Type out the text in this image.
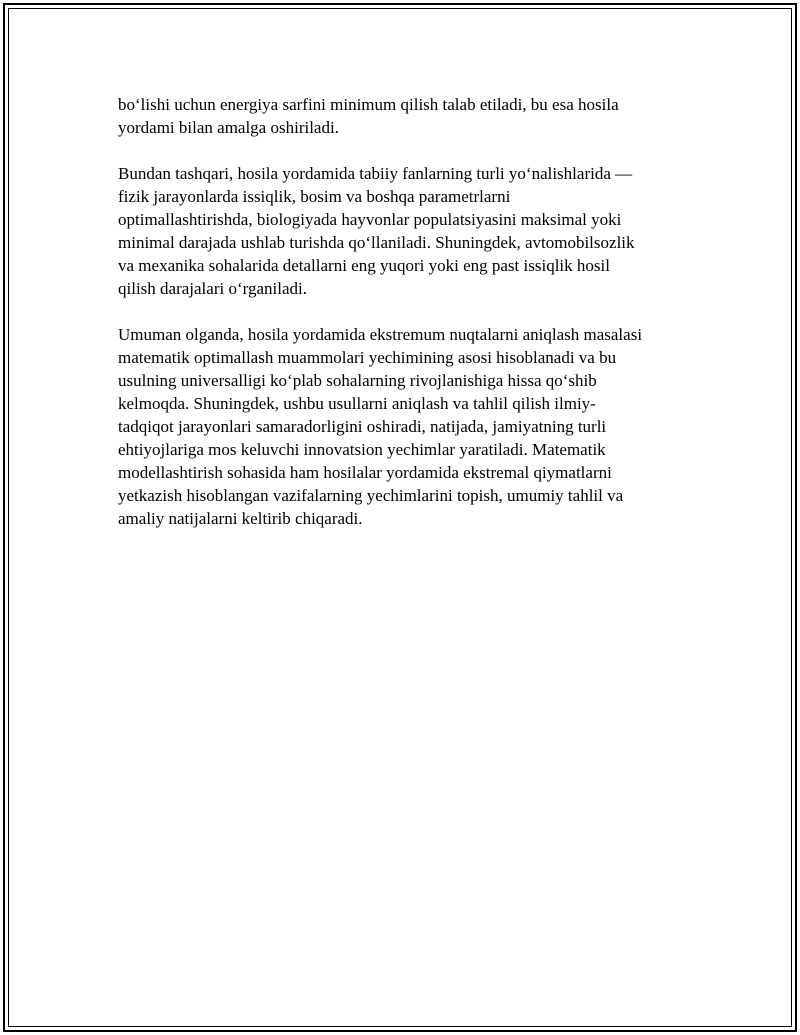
bo‘lishi uchun energiya sarfini minimum qilish talab etiladi, bu esa hosila
yordami bilan amalga oshiriladi.

Bundan tashqari, hosila yordamida tabiiy fanlarning turli yo‘nalishlarida —
fizik jarayonlarda issiqlik, bosim va boshqa parametrlarni
optimallashtirishda, biologiyada hayvonlar populatsiyasini maksimal yoki
minimal darajada ushlab turishda qo‘llaniladi. Shuningdek, avtomobilsozlik
va mexanika sohalarida detallarni eng yuqori yoki eng past issiqlik hosil
qilish darajalari o‘rganiladi.

Umuman olganda, hosila yordamida ekstremum nuqtalarni aniqlash masalasi
matematik optimallash muammolari yechimining asosi hisoblanadi va bu
usulning universalligi ko‘plab sohalarning rivojlanishiga hissa qo‘shib
kelmoqda. Shuningdek, ushbu usullarni aniqlash va tahlil qilish ilmiy-
tadqiqot jarayonlari samaradorligini oshiradi, natijada, jamiyatning turli
ehtiyojlariga mos keluvchi innovatsion yechimlar yaratiladi. Matematik
modellashtirish sohasida ham hosilalar yordamida ekstremal qiymatlarni
yetkazish hisoblangan vazifalarning yechimlarini topish, umumiy tahlil va
amaliy natijalarni keltirib chiqaradi.
